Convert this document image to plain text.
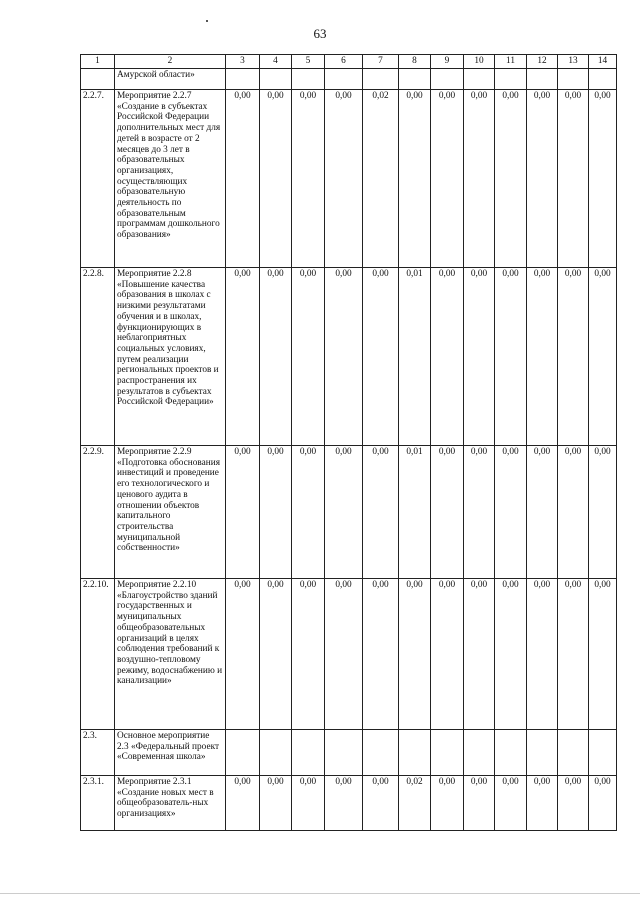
63
1	2	3	4	5	6	7	8	9	10	11	12	13	14
	Амурской области»												
2.2.7.	Мероприятие 2.2.7 «Создание в субъектах Российской Федерации дополнительных мест для детей в возрасте от 2 месяцев до 3 лет в образовательных организациях, осуществляющих образовательную деятельность по образовательным программам дошкольного образования»	0,00	0,00	0,00	0,00	0,02	0,00	0,00	0,00	0,00	0,00	0,00	0,00
2.2.8.	Мероприятие 2.2.8 «Повышение качества образования в школах с низкими результатами обучения и в школах, функционирующих в неблагоприятных социальных условиях, путем реализации региональных проектов и распространения их результатов в субъектах Российской Федерации»	0,00	0,00	0,00	0,00	0,00	0,01	0,00	0,00	0,00	0,00	0,00	0,00
2.2.9.	Мероприятие 2.2.9 «Подготовка обоснования инвестиций и проведение его технологического и ценового аудита в отношении объектов капитального строительства муниципальной собственности»	0,00	0,00	0,00	0,00	0,00	0,01	0,00	0,00	0,00	0,00	0,00	0,00
2.2.10.	Мероприятие 2.2.10 «Благоустройство зданий государственных и муниципальных общеобразовательных организаций в целях соблюдения требований к воздушно-тепловому режиму, водоснабжению и канализации»	0,00	0,00	0,00	0,00	0,00	0,00	0,00	0,00	0,00	0,00	0,00	0,00
2.3.	Основное мероприятие 2.3 «Федеральный проект «Современная школа»												
2.3.1.	Мероприятие 2.3.1 «Создание новых мест в общеобразователь-ных организациях»	0,00	0,00	0,00	0,00	0,00	0,02	0,00	0,00	0,00	0,00	0,00	0,00
